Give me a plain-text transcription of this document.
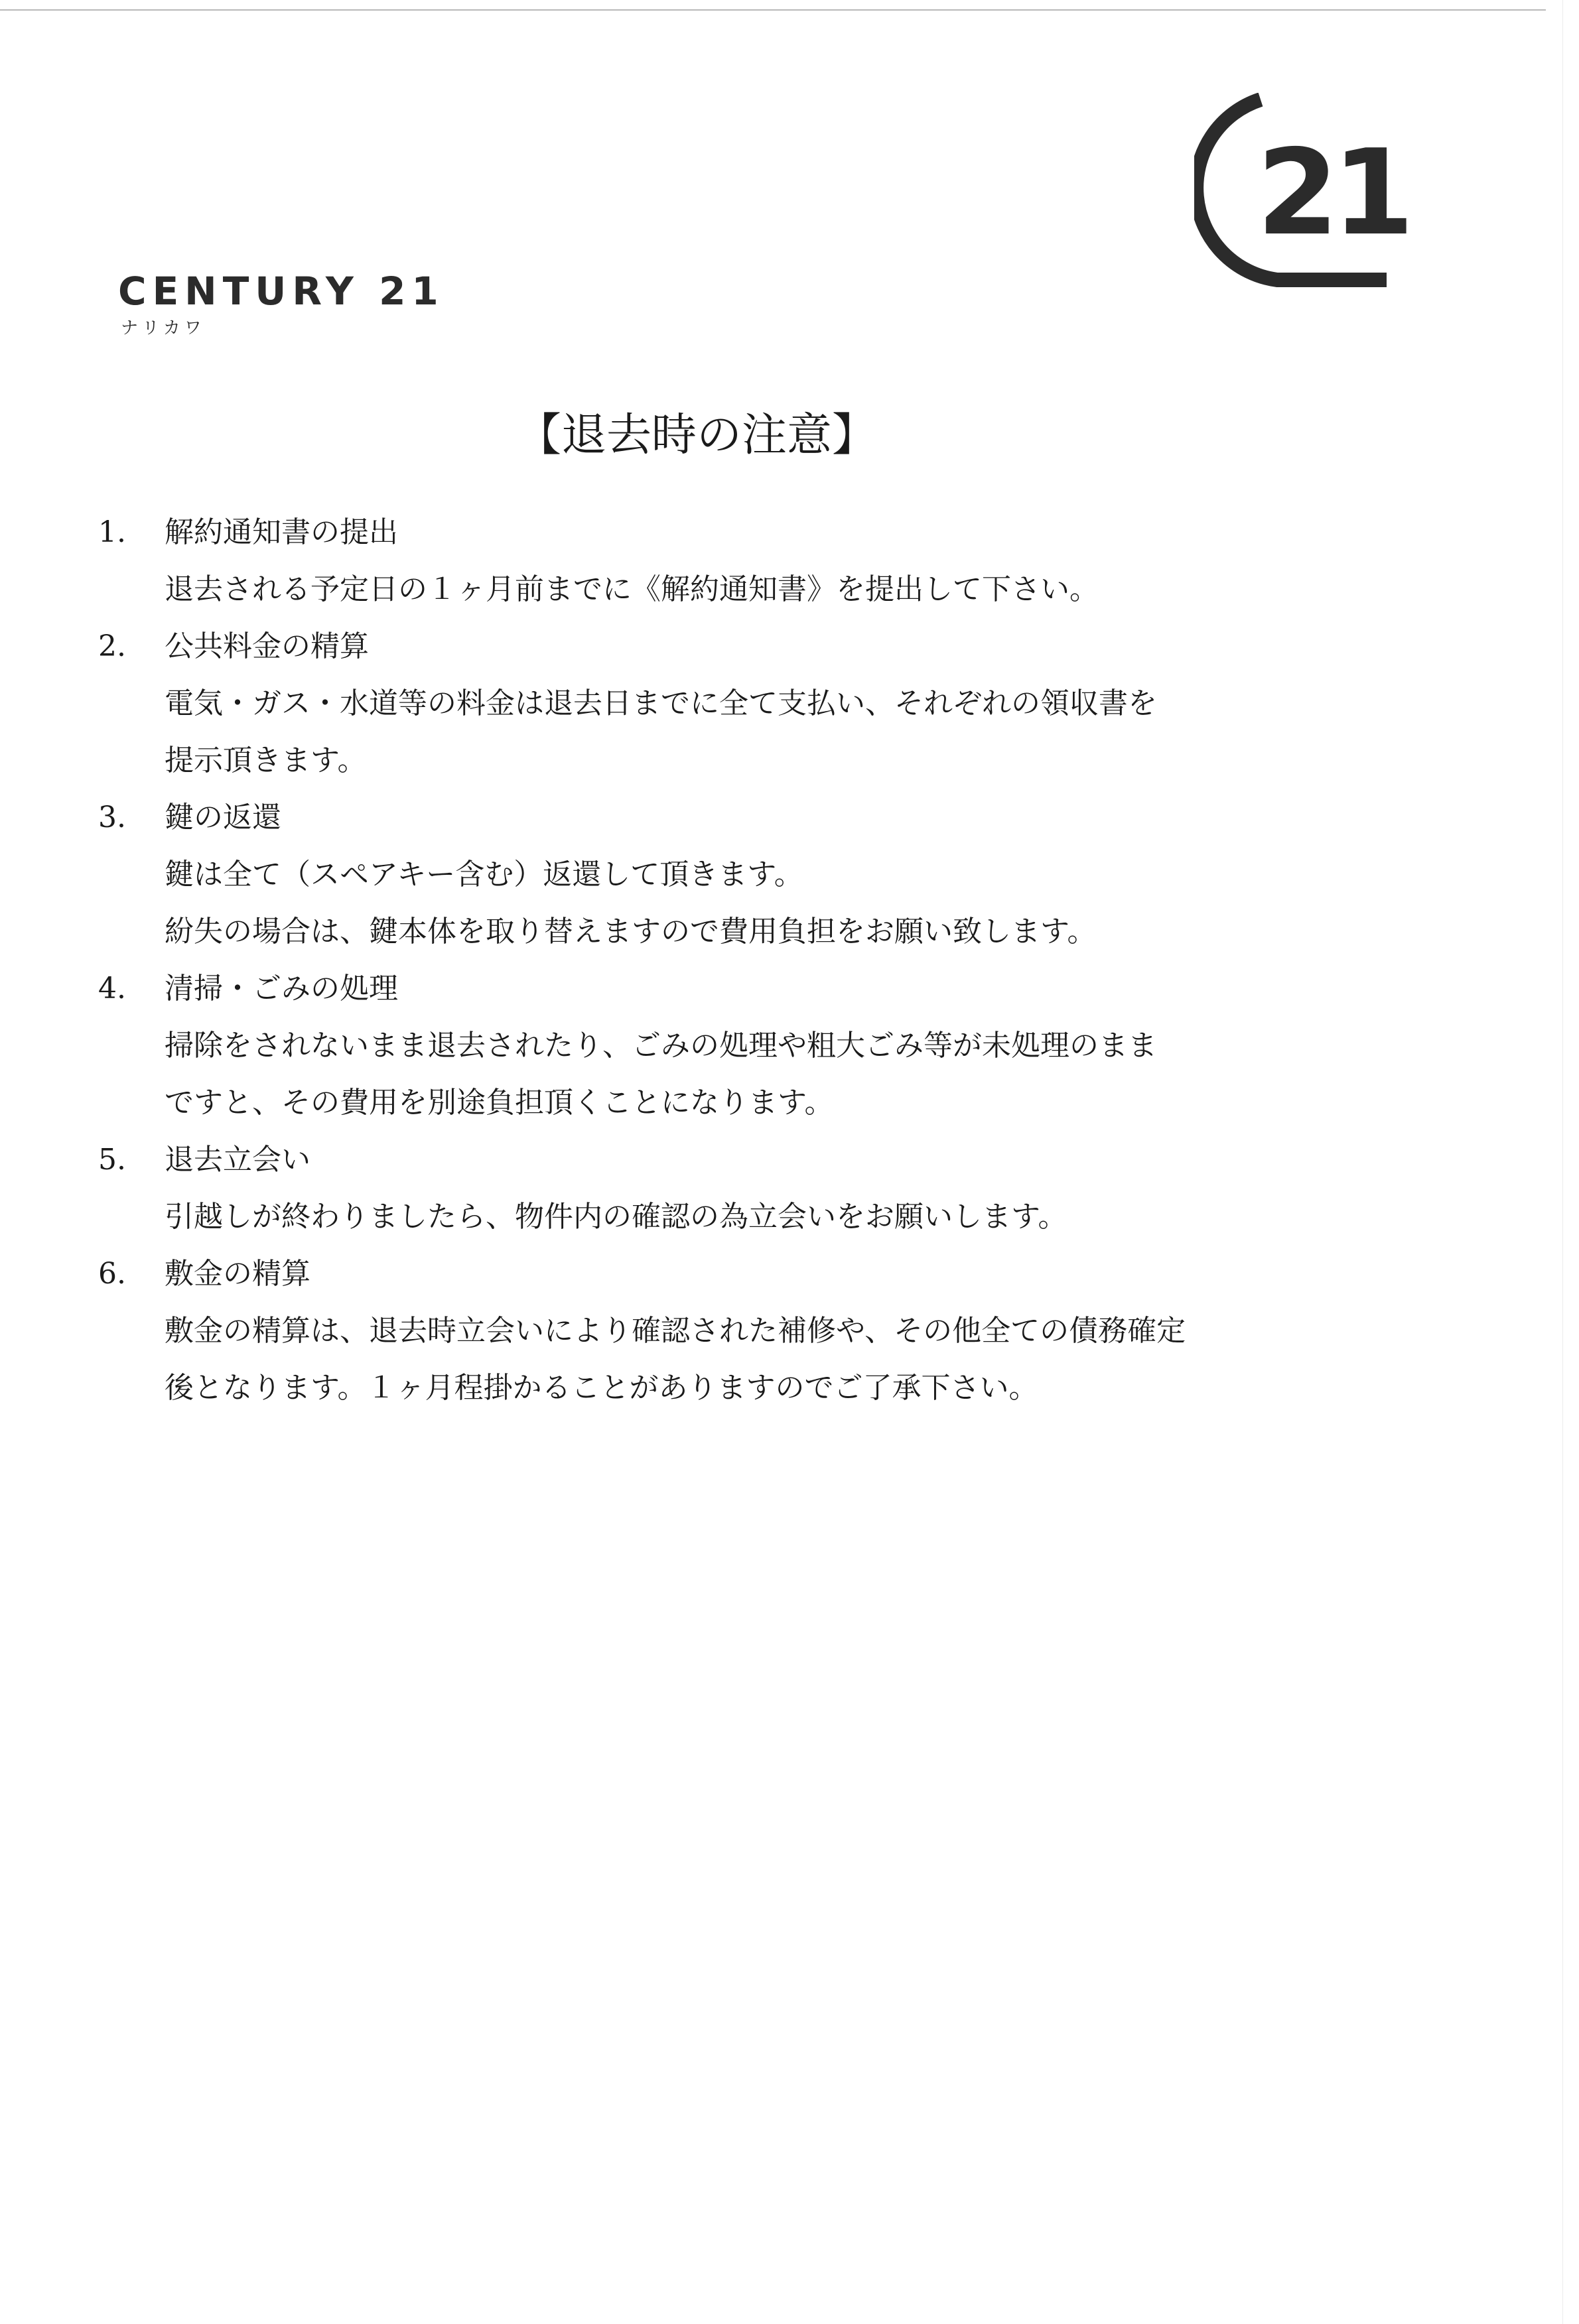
21
CENTURY 21
ナリカワ
【退去時の注意】
1.	解約通知書の提出
退去される予定日の１ヶ月前までに《解約通知書》を提出して下さい。
2.	公共料金の精算
電気・ガス・水道等の料金は退去日までに全て支払い、それぞれの領収書を
提示頂きます。
3.	鍵の返還
鍵は全て（スペアキー含む）返還して頂きます。
紛失の場合は、鍵本体を取り替えますので費用負担をお願い致します。
4.	清掃・ごみの処理
掃除をされないまま退去されたり、ごみの処理や粗大ごみ等が未処理のまま
ですと、その費用を別途負担頂くことになります。
5.	退去立会い
引越しが終わりましたら、物件内の確認の為立会いをお願いします。
6.	敷金の精算
敷金の精算は、退去時立会いにより確認された補修や、その他全ての債務確定
後となります。１ヶ月程掛かることがありますのでご了承下さい。
